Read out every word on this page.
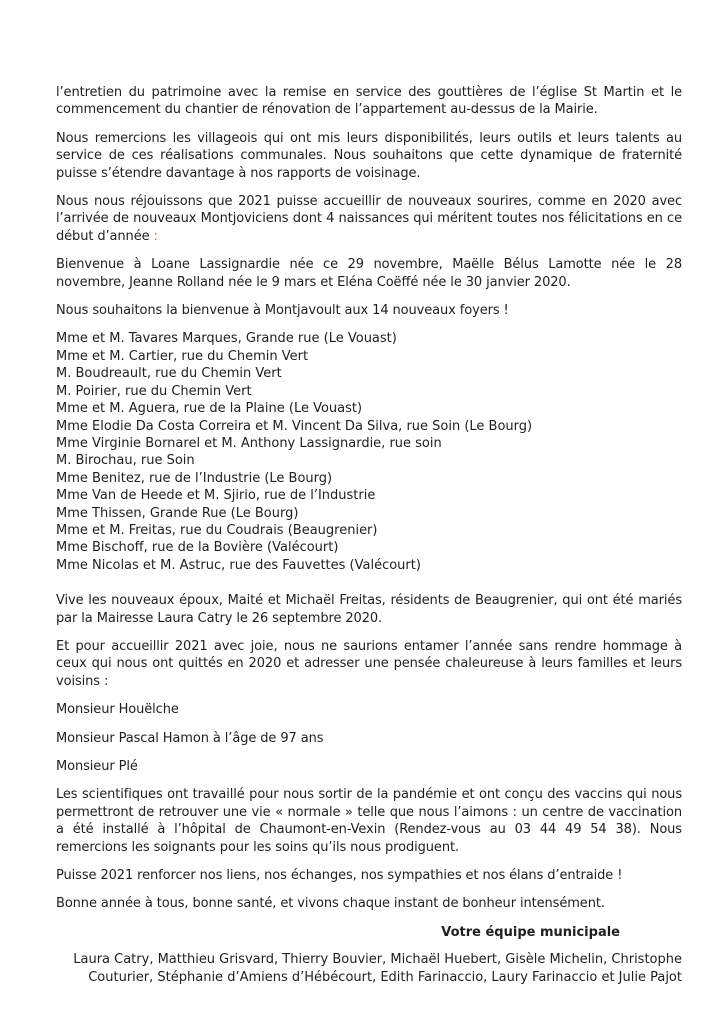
l’entretien du patrimoine avec la remise en service des gouttières de l’église St Martin et le commencement du chantier de rénovation de l’appartement au-dessus de la Mairie.

Nous remercions les villageois qui ont mis leurs disponibilités, leurs outils et leurs talents au service de ces réalisations communales. Nous souhaitons que cette dynamique de fraternité puisse s’étendre davantage à nos rapports de voisinage.

Nous nous réjouissons que 2021 puisse accueillir de nouveaux sourires, comme en 2020 avec l’arrivée de nouveaux Montjoviciens dont 4 naissances qui méritent toutes nos félicitations en ce début d’année :

Bienvenue à Loane Lassignardie née ce 29 novembre, Maëlle Bélus Lamotte née le 28 novembre, Jeanne Rolland née le 9 mars et Eléna Coëffé née le 30 janvier 2020.

Nous souhaitons la bienvenue à Montjavoult aux 14 nouveaux foyers !

Mme et M. Tavares Marques, Grande rue (Le Vouast)
Mme et M. Cartier, rue du Chemin Vert
M. Boudreault, rue du Chemin Vert
M. Poirier, rue du Chemin Vert
Mme et M. Aguera, rue de la Plaine (Le Vouast)
Mme Elodie Da Costa Correira et M. Vincent Da Silva, rue Soin (Le Bourg)
Mme Virginie Bornarel et M. Anthony Lassignardie, rue soin
M. Birochau, rue Soin
Mme Benitez, rue de l’Industrie (Le Bourg)
Mme Van de Heede et M. Sjirio, rue de l’Industrie
Mme Thissen, Grande Rue (Le Bourg)
Mme et M. Freitas, rue du Coudrais (Beaugrenier)
Mme Bischoff, rue de la Bovière (Valécourt)
Mme Nicolas et M. Astruc, rue des Fauvettes (Valécourt)

Vive les nouveaux époux, Maité et Michaël Freitas, résidents de Beaugrenier, qui ont été mariés par la Mairesse Laura Catry le 26 septembre 2020.

Et pour accueillir 2021 avec joie, nous ne saurions entamer l’année sans rendre hommage à ceux qui nous ont quittés en 2020 et adresser une pensée chaleureuse à leurs familles et leurs voisins :

Monsieur Houëlche

Monsieur Pascal Hamon à l’âge de 97 ans

Monsieur Plé

Les scientifiques ont travaillé pour nous sortir de la pandémie et ont conçu des vaccins qui nous permettront de retrouver une vie « normale » telle que nous l’aimons : un centre de vaccination a été installé à l’hôpital de Chaumont-en-Vexin (Rendez-vous au 03 44 49 54 38). Nous remercions les soignants pour les soins qu’ils nous prodiguent.

Puisse 2021 renforcer nos liens, nos échanges, nos sympathies et nos élans d’entraide !

Bonne année à tous, bonne santé, et vivons chaque instant de bonheur intensément.

Votre équipe municipale

Laura Catry, Matthieu Grisvard, Thierry Bouvier, Michaël Huebert, Gisèle Michelin, Christophe
Couturier, Stéphanie d’Amiens d’Hébécourt, Edith Farinaccio, Laury Farinaccio et Julie Pajot
